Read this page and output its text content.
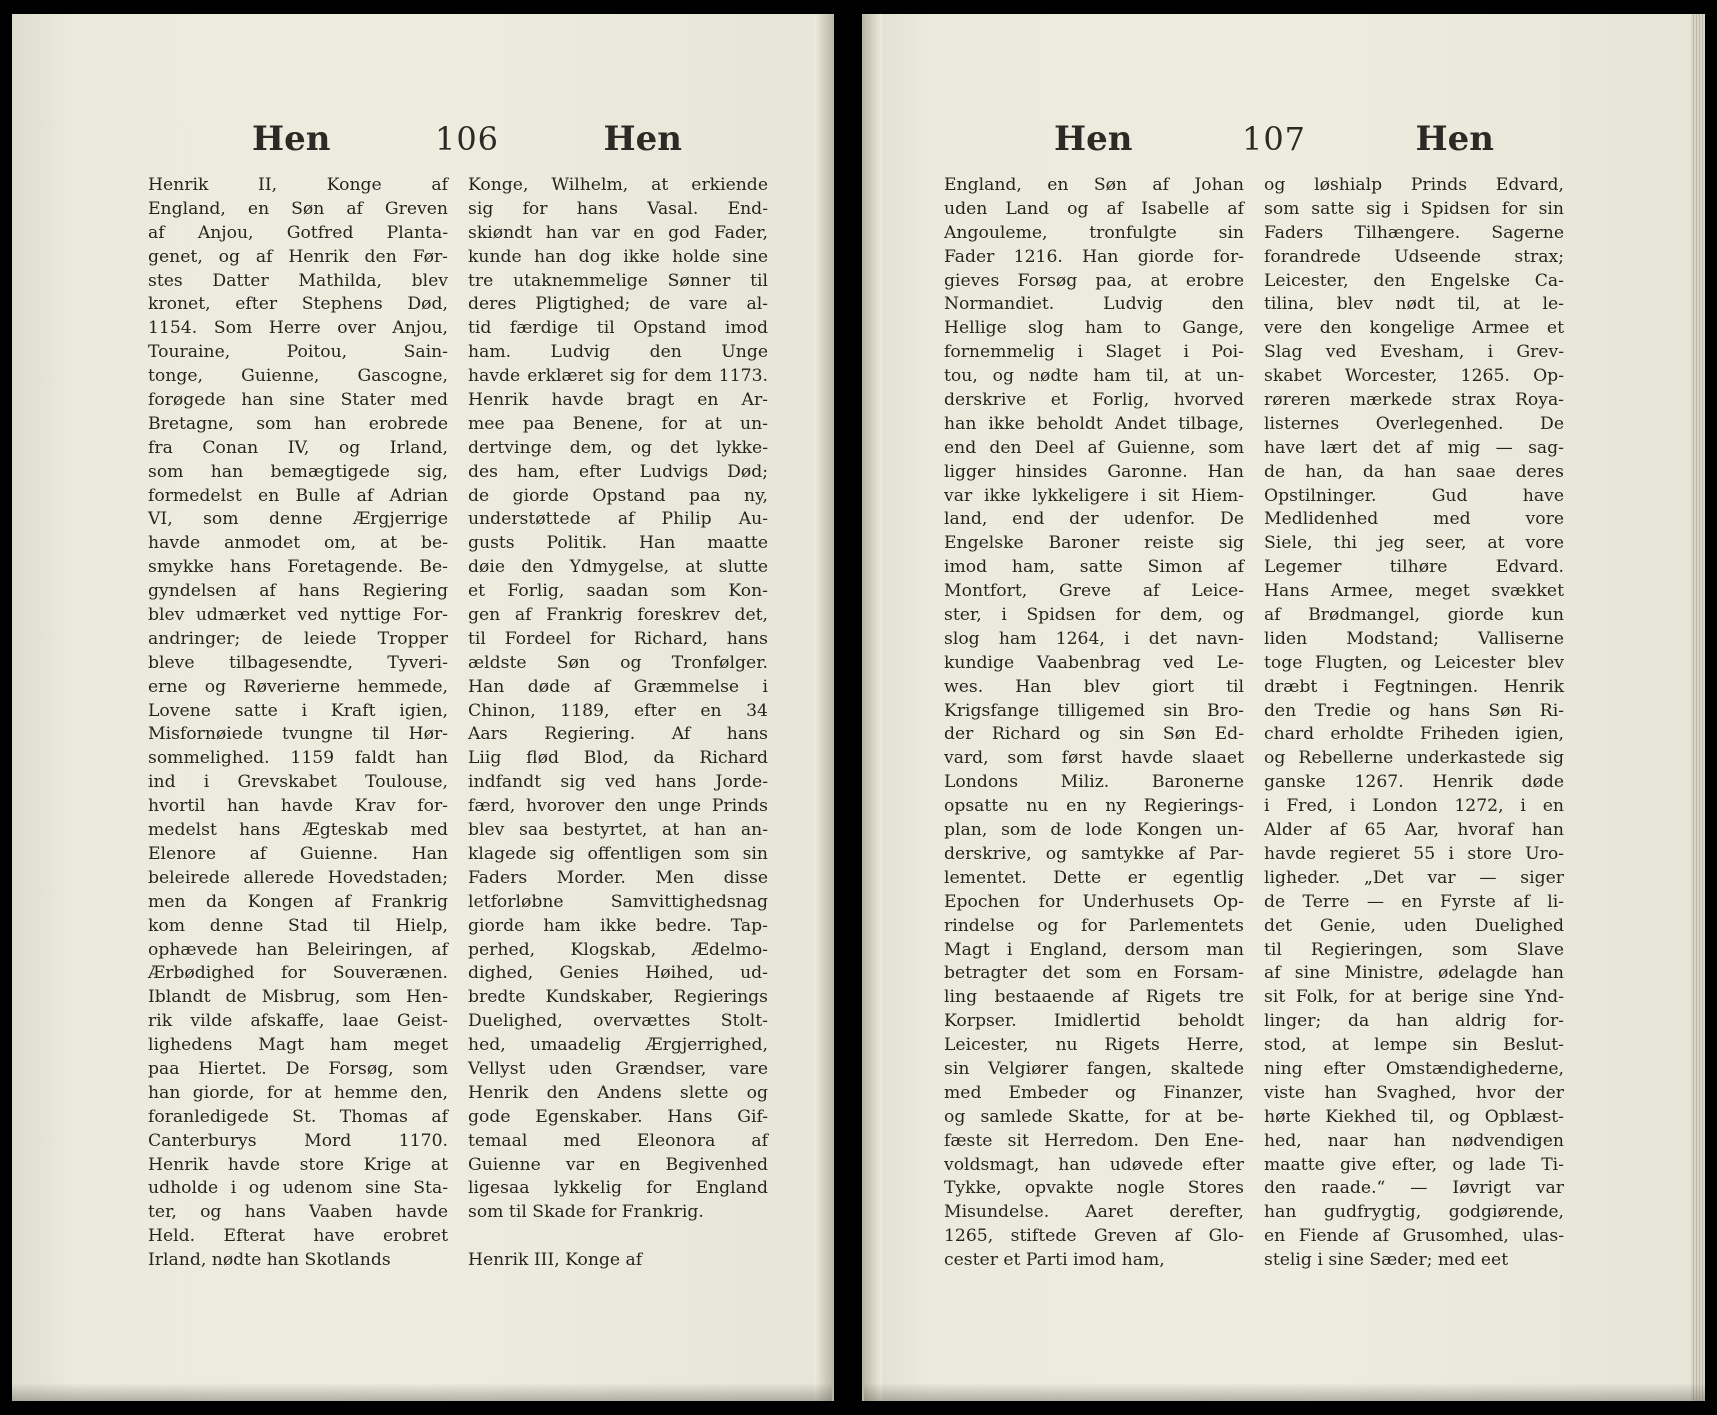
Hen	106	Hen
Henrik II, Konge af
England, en Søn af Greven
af Anjou, Gotfred Planta-
genet, og af Henrik den Før-
stes Datter Mathilda, blev
kronet, efter Stephens Død,
1154. Som Herre over Anjou,
Touraine, Poitou, Sain-
tonge, Guienne, Gascogne,
forøgede han sine Stater med
Bretagne, som han erobrede
fra Conan IV, og Irland,
som han bemægtigede sig,
formedelst en Bulle af Adrian
VI, som denne Ærgjerrige
havde anmodet om, at be-
smykke hans Foretagende. Be-
gyndelsen af hans Regiering
blev udmærket ved nyttige For-
andringer; de leiede Tropper
bleve tilbagesendte, Tyveri-
erne og Røverierne hemmede,
Lovene satte i Kraft igien,
Misfornøiede tvungne til Hør-
sommelighed. 1159 faldt han
ind i Grevskabet Toulouse,
hvortil han havde Krav for-
medelst hans Ægteskab med
Elenore af Guienne. Han
beleirede allerede Hovedstaden;
men da Kongen af Frankrig
kom denne Stad til Hielp,
ophævede han Beleiringen, af
Ærbødighed for Souverænen.
Iblandt de Misbrug, som Hen-
rik vilde afskaffe, laae Geist-
lighedens Magt ham meget
paa Hiertet. De Forsøg, som
han giorde, for at hemme den,
foranledigede St. Thomas af
Canterburys Mord 1170.
Henrik havde store Krige at
udholde i og udenom sine Sta-
ter, og hans Vaaben havde
Held. Efterat have erobret
Irland, nødte han Skotlands
Konge, Wilhelm, at erkiende
sig for hans Vasal. End-
skiøndt han var en god Fader,
kunde han dog ikke holde sine
tre utaknemmelige Sønner til
deres Pligtighed; de vare al-
tid færdige til Opstand imod
ham. Ludvig den Unge
havde erklæret sig for dem 1173.
Henrik havde bragt en Ar-
mee paa Benene, for at un-
dertvinge dem, og det lykke-
des ham, efter Ludvigs Død;
de giorde Opstand paa ny,
understøttede af Philip Au-
gusts Politik. Han maatte
døie den Ydmygelse, at slutte
et Forlig, saadan som Kon-
gen af Frankrig foreskrev det,
til Fordeel for Richard, hans
ældste Søn og Tronfølger.
Han døde af Græmmelse i
Chinon, 1189, efter en 34
Aars Regiering. Af hans
Liig flød Blod, da Richard
indfandt sig ved hans Jorde-
færd, hvorover den unge Prinds
blev saa bestyrtet, at han an-
klagede sig offentligen som sin
Faders Morder. Men disse
letforløbne Samvittighedsnag
giorde ham ikke bedre. Tap-
perhed, Klogskab, Ædelmo-
dighed, Genies Høihed, ud-
bredte Kundskaber, Regierings
Duelighed, overvættes Stolt-
hed, umaadelig Ærgjerrighed,
Vellyst uden Grændser, vare
Henrik den Andens slette og
gode Egenskaber. Hans Gif-
temaal med Eleonora af
Guienne var en Begivenhed
ligesaa lykkelig for England
som til Skade for Frankrig.
Henrik III, Konge af
Hen	107	Hen
England, en Søn af Johan
uden Land og af Isabelle af
Angouleme, tronfulgte sin
Fader 1216. Han giorde for-
gieves Forsøg paa, at erobre
Normandiet. Ludvig den
Hellige slog ham to Gange,
fornemmelig i Slaget i Poi-
tou, og nødte ham til, at un-
derskrive et Forlig, hvorved
han ikke beholdt Andet tilbage,
end den Deel af Guienne, som
ligger hinsides Garonne. Han
var ikke lykkeligere i sit Hiem-
land, end der udenfor. De
Engelske Baroner reiste sig
imod ham, satte Simon af
Montfort, Greve af Leice-
ster, i Spidsen for dem, og
slog ham 1264, i det navn-
kundige Vaabenbrag ved Le-
wes. Han blev giort til
Krigsfange tilligemed sin Bro-
der Richard og sin Søn Ed-
vard, som først havde slaaet
Londons Miliz. Baronerne
opsatte nu en ny Regierings-
plan, som de lode Kongen un-
derskrive, og samtykke af Par-
lementet. Dette er egentlig
Epochen for Underhusets Op-
rindelse og for Parlementets
Magt i England, dersom man
betragter det som en Forsam-
ling bestaaende af Rigets tre
Korpser. Imidlertid beholdt
Leicester, nu Rigets Herre,
sin Velgiører fangen, skaltede
med Embeder og Finanzer,
og samlede Skatte, for at be-
fæste sit Herredom. Den Ene-
voldsmagt, han udøvede efter
Tykke, opvakte nogle Stores
Misundelse. Aaret derefter,
1265, stiftede Greven af Glo-
cester et Parti imod ham,
og løshialp Prinds Edvard,
som satte sig i Spidsen for sin
Faders Tilhængere. Sagerne
forandrede Udseende strax;
Leicester, den Engelske Ca-
tilina, blev nødt til, at le-
vere den kongelige Armee et
Slag ved Evesham, i Grev-
skabet Worcester, 1265. Op-
røreren mærkede strax Roya-
listernes Overlegenhed. De
have lært det af mig — sag-
de han, da han saae deres
Opstilninger. Gud have
Medlidenhed med vore
Siele, thi jeg seer, at vore
Legemer tilhøre Edvard.
Hans Armee, meget svækket
af Brødmangel, giorde kun
liden Modstand; Valliserne
toge Flugten, og Leicester blev
dræbt i Fegtningen. Henrik
den Tredie og hans Søn Ri-
chard erholdte Friheden igien,
og Rebellerne underkastede sig
ganske 1267. Henrik døde
i Fred, i London 1272, i en
Alder af 65 Aar, hvoraf han
havde regieret 55 i store Uro-
ligheder. „Det var — siger
de Terre — en Fyrste af li-
det Genie, uden Duelighed
til Regieringen, som Slave
af sine Ministre, ødelagde han
sit Folk, for at berige sine Ynd-
linger; da han aldrig for-
stod, at lempe sin Beslut-
ning efter Omstændighederne,
viste han Svaghed, hvor der
hørte Kiekhed til, og Opblæst-
hed, naar han nødvendigen
maatte give efter, og lade Ti-
den raade.“ — Iøvrigt var
han gudfrygtig, godgiørende,
en Fiende af Grusomhed, ulas-
stelig i sine Sæder; med eet
